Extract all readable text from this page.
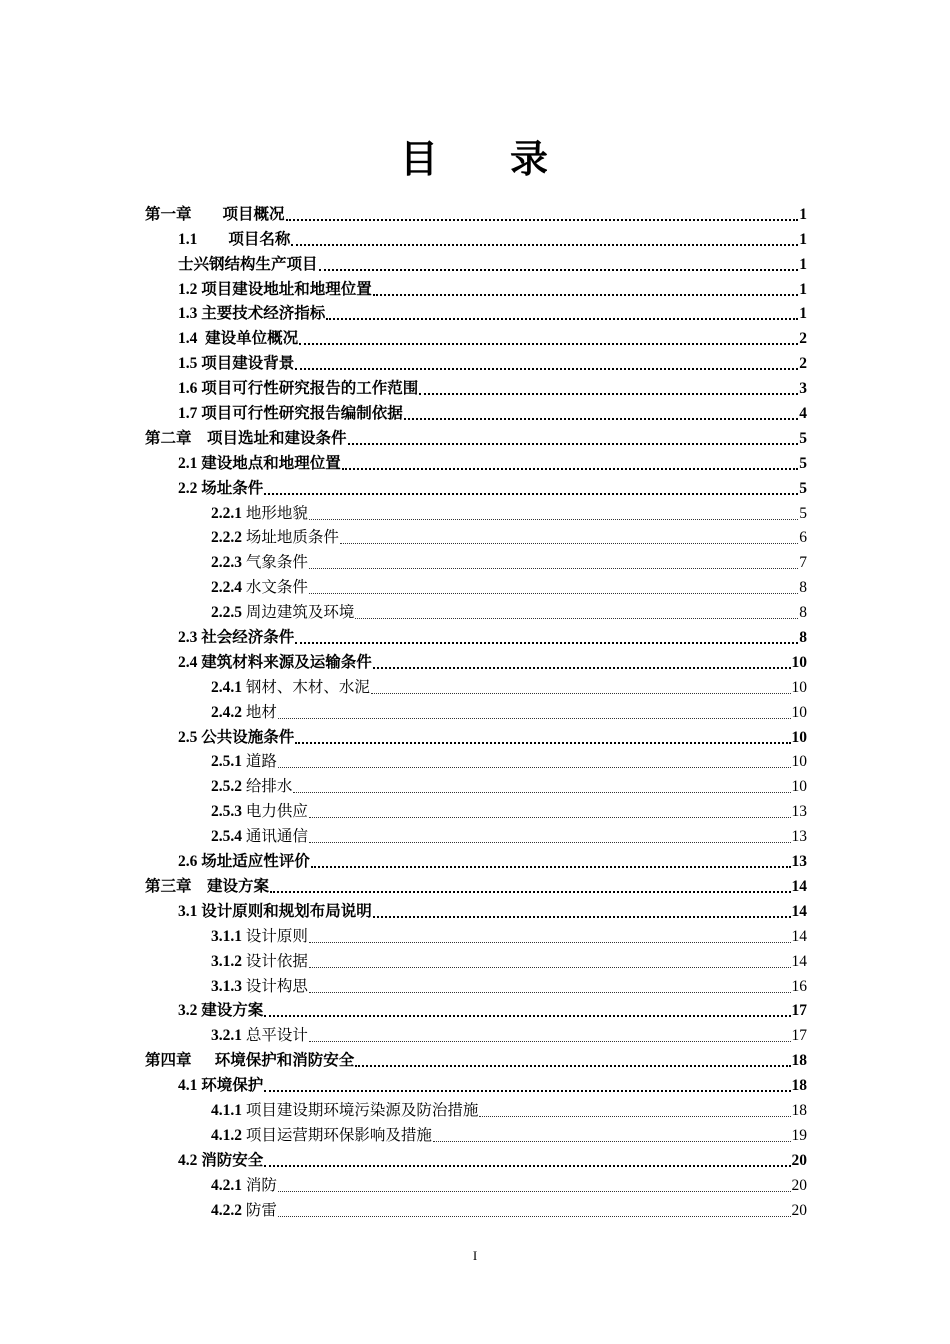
目 录
第一章 项目概况	1
1.1 项目名称	1
士兴钢结构生产项目	1
1.2 项目建设地址和地理位置	1
1.3 主要技术经济指标	1
1.4 建设单位概况	2
1.5 项目建设背景	2
1.6 项目可行性研究报告的工作范围	3
1.7 项目可行性研究报告编制依据	4
第二章 项目选址和建设条件	5
2.1 建设地点和地理位置	5
2.2 场址条件	5
2.2.1 地形地貌	5
2.2.2 场址地质条件	6
2.2.3 气象条件	7
2.2.4 水文条件	8
2.2.5 周边建筑及环境	8
2.3 社会经济条件	8
2.4 建筑材料来源及运输条件	10
2.4.1 钢材、木材、水泥	10
2.4.2 地材	10
2.5 公共设施条件	10
2.5.1 道路	10
2.5.2 给排水	10
2.5.3 电力供应	13
2.5.4 通讯通信	13
2.6 场址适应性评价	13
第三章 建设方案	14
3.1 设计原则和规划布局说明	14
3.1.1 设计原则	14
3.1.2 设计依据	14
3.1.3 设计构思	16
3.2 建设方案	17
3.2.1 总平设计	17
第四章 环境保护和消防安全	18
4.1 环境保护	18
4.1.1 项目建设期环境污染源及防治措施	18
4.1.2 项目运营期环保影响及措施	19
4.2 消防安全	20
4.2.1 消防	20
4.2.2 防雷	20
I
